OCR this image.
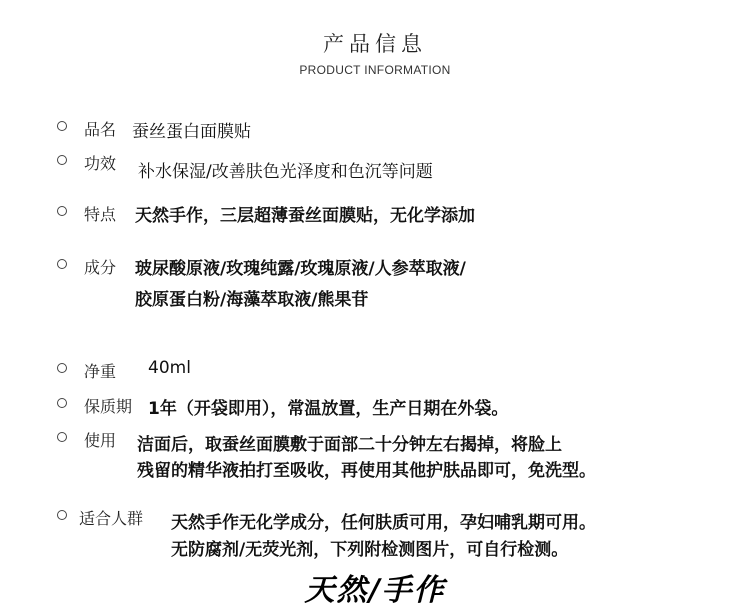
产品信息
PRODUCT INFORMATION
品名 蚕丝蛋白面膜贴
功效 补水保湿/改善肤色光泽度和色沉等问题
特点 天然手作，三层超薄蚕丝面膜贴，无化学添加
成分 玻尿酸原液/玫瑰纯露/玫瑰原液/人参萃取液/
胶原蛋白粉/海藻萃取液/熊果苷
净重 40ml
保质期 1年（开袋即用），常温放置，生产日期在外袋。
使用 洁面后，取蚕丝面膜敷于面部二十分钟左右揭掉，将脸上
残留的精华液拍打至吸收，再使用其他护肤品即可，免洗型。
适合人群 天然手作无化学成分，任何肤质可用，孕妇哺乳期可用。
无防腐剂/无荧光剂，下列附检测图片，可自行检测。
天然/手作
